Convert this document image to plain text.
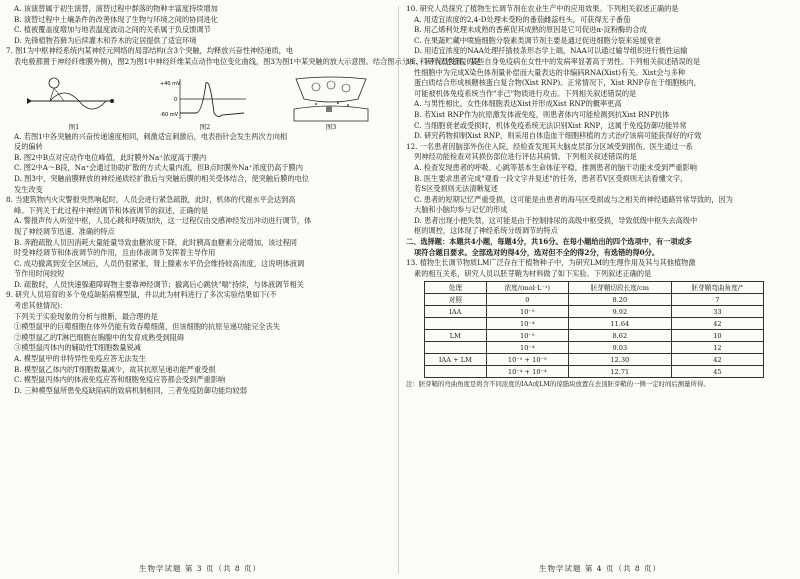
A. 该演替属于初生演替，演替过程中群落的物种丰富度持续增加
B. 演替过程中土壤条件的改善体现了生物与环境之间的协同进化
C. 植被覆盖度增加与地表温度波动之间的关系属于负反馈调节
D. 先锋植物苔藓为后续灌木和乔木的定居提供了适宜环境
7. 图1为中枢神经系统内某神经元网络的局部结构(含3个突触，均释放兴奋性神经递质，电
表电极都置于神经纤维膜外侧)，图2为图1中神经纤维某点动作电位变化曲线，图3为图1中某突触的放大示意图。结合图示分析，下列叙述错误的是
图1
+40 mV
0
-60 mV
图2	图3
A. 若图1中各突触的兴奋传递速度相同，刺激适宜刺激后，电表指针会发生两次方向相
反的偏转
B. 图2中B点对应动作电位峰值，此时膜外Na⁺浓度高于膜内
C. 图2中A～B段，Na⁺会通过协助扩散的方式大量内流，但B点时膜外Na⁺浓度仍高于膜内
D. 图3中，突触前膜释放的神经递质经扩散后与突触后膜的相关受体结合，使突触后膜的电位
发生改变
8. 当建筑物内火灾警报突然响起时，人员会进行紧急疏散，此时，机体的代谢水平会达到高
峰。下列关于此过程中神经调节和体液调节的叙述，正确的是
A. 警报声传入听觉中枢，人员心跳和呼吸加快，这一过程仅由交感神经发出冲动进行调节，体
现了神经调节迅速、准确的特点
B. 奔跑疏散人员因消耗大量能量导致血糖浓度下降，此时胰高血糖素分泌增加，该过程同
时受神经调节和体液调节的作用，且由体液调节发挥着主导作用
C. 成功撤离到安全区域后，人员仍很紧张，肾上腺素水平仍会维持较高浓度，这说明体液调
节作用时间较短
D. 疏散时，人员快速躲避障碍物主要靠神经调节；撤离后心跳快"喘"持续，与体液调节相关
9. 研究人员培育的多个免疫缺陷病模型鼠，并以此为材料进行了多次实验结果如下(不
考虑其他情况)：
下列关于实验现象的分析与推断，最合理的是
①模型鼠甲的巨噬细胞在体外仍能有效吞噬细菌，但该细胞的抗原呈递功能完全丧失
②模型鼠乙的T淋巴细胞在胸腺中的发育成熟受到阻碍
③模型鼠丙体内的辅助性T细胞数量锐减
A. 模型鼠甲的非特异性免疫应答无法发生
B. 模型鼠乙体内的T细胞数量减少，故其抗原呈递功能严重受损
C. 模型鼠丙体内的体液免疫应答和细胞免疫应答都会受到严重影响
D. 三种模型鼠所患免疫缺陷病的致病机制相同，三者免疫防御功能均较弱
生物学试题 第 3 页（共 8 页）
10. 研究人员探究了植物生长调节剂在农业生产中的应用效果。下列相关叙述正确的是
A. 用适宜浓度的2,4-D处理未受粉的番茄雌蕊柱头，可获得无子番茄
B. 用乙烯利处理未成熟的香蕉促其成熟的原因是它可促进α-淀粉酶的合成
C. 在果蔬贮藏中喷施细胞分裂素类调节剂主要是通过促进细胞分裂来延缓衰老
D. 用适宜浓度的NAA处理扦插枝条形态学上端，NAA可以通过输导组织进行极性运输
11. 科研人员发现，某些自身免疫病在女性中的发病率显著高于男性。下列相关叙述错误的是
性细胞中为完成X染色体剂量补偿而大量表达的非编码RNA(Xist)有关。Xist会与多种
蛋白质结合形成核糖核蛋白复合物(Xist RNP)。正常情况下，Xist RNP存在于细胞核内，
可能被机体免疫系统当作"非己"物质进行攻击。下列相关叙述错误的是
A. 与男性相比，女性体细胞表达Xist并形成Xist RNP的概率更高
B. 若Xist RNP作为抗原激发体液免疫，则患者体内可能检测到抗Xist RNP抗体
C. 当细胞衰老或受损时，机体免疫系统无法识别Xist RNP，这属于免疫防御功能异常
D. 研究药物抑制Xist RNP，则采用自体造血干细胞移植的方式治疗该病可能获得好的疗效
12. 一名患者因脑部外伤住入院，经检查发现其大脑皮层部分区域受到损伤。医生通过一系
列神经功能检查对其损伤部位进行评估其病情。下列相关叙述错误的是
A. 检查发现患者的呼吸、心跳等基本生命体征平稳，推测患者的脑干功能未受到严重影响
B. 医生要求患者完成"观看一段文字并复述"的任务，患者若V区受损则无法看懂文字，
若S区受损则无法清晰复述
C. 患者的短期记忆严重受损，这可能是由患者的海马区受损或与之相关的神经通路异常导致的，因为
大脑和小脑均参与记忆的形成
D. 患者出现小便失禁，这可能是由于控制排尿的高级中枢受损，导致低级中枢失去高级中
枢的调控，这体现了神经系统分级调节的特点
二、选择题：本题共4小题，每题4分，共16分。在每小题给出的四个选项中，有一项或多
项符合题目要求。全部选对的得4分，选对但不全的得2分，有选错的得0分。
13. 植物生长调节物质LM广泛存在于植物种子中，为研究LM的生理作用及其与其他植物激
素的相互关系，研究人员以胚芽鞘为材料做了如下实验。下列叙述正确的是
处理	浓度/(mol·L⁻¹)	胚芽鞘切段长度/cm	胚芽鞘弯曲角度/°
对照	0	8.20	7
IAA	10⁻⁵	9.92	33
	10⁻⁴	11.64	42
LM	10⁻⁵	8.62	10
	10⁻⁴	9.03	12
IAA + LM	10⁻⁵ + 10⁻⁵	12.30	42
	10⁻⁴ + 10⁻⁴	12.71	45
注：胚芽鞘的弯曲角度是将含不同浓度的IAA或LM的琼脂块放置在去顶胚芽鞘的一侧一定时间后测量所得。
生物学试题 第 4 页（共 8 页）
